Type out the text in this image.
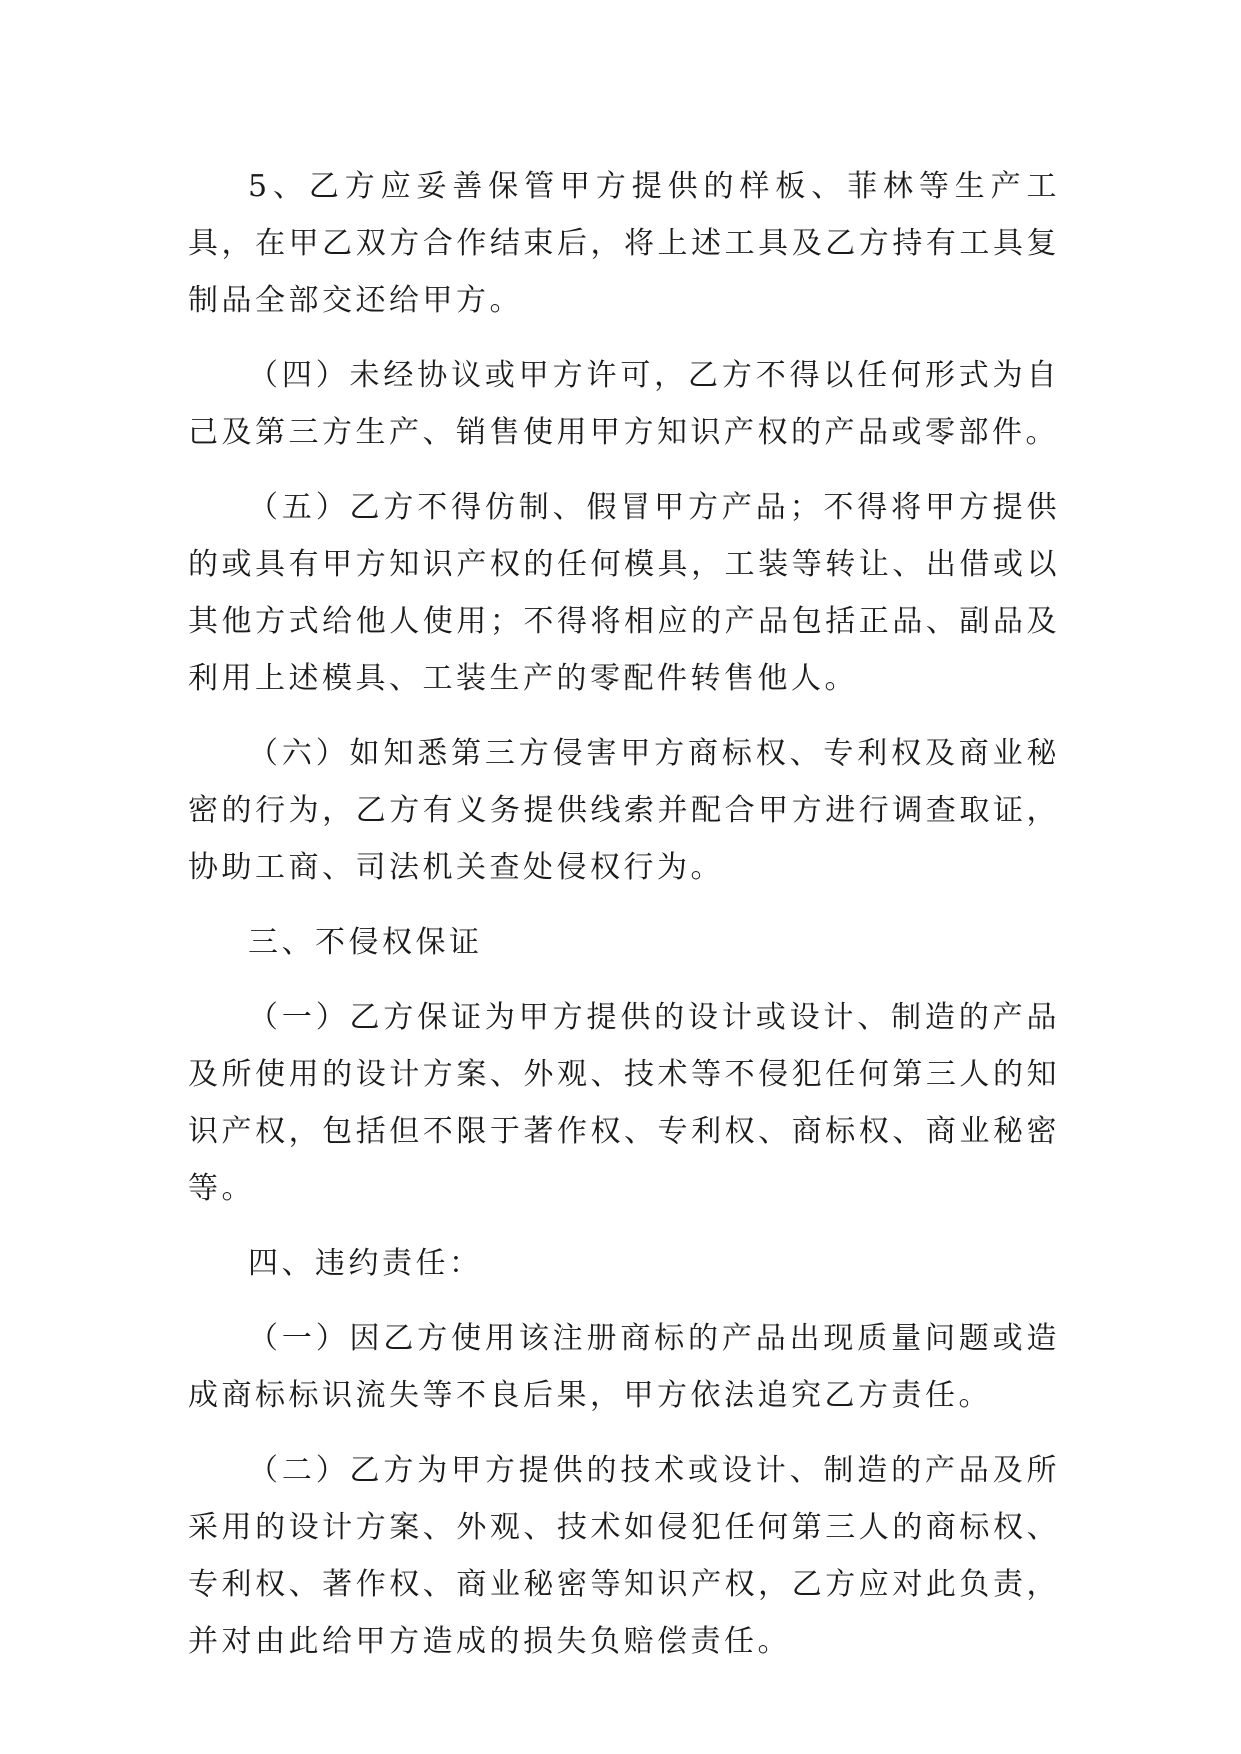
5、乙方应妥善保管甲方提供的样板、菲林等生产工具，在甲乙双方合作结束后，将上述工具及乙方持有工具复制品全部交还给甲方。

（四）未经协议或甲方许可，乙方不得以任何形式为自己及第三方生产、销售使用甲方知识产权的产品或零部件。

（五）乙方不得仿制、假冒甲方产品；不得将甲方提供的或具有甲方知识产权的任何模具，工装等转让、出借或以其他方式给他人使用；不得将相应的产品包括正品、副品及利用上述模具、工装生产的零配件转售他人。

（六）如知悉第三方侵害甲方商标权、专利权及商业秘密的行为，乙方有义务提供线索并配合甲方进行调查取证，协助工商、司法机关查处侵权行为。

三、不侵权保证

（一）乙方保证为甲方提供的设计或设计、制造的产品及所使用的设计方案、外观、技术等不侵犯任何第三人的知识产权，包括但不限于著作权、专利权、商标权、商业秘密等。

四、违约责任：

（一）因乙方使用该注册商标的产品出现质量问题或造成商标标识流失等不良后果，甲方依法追究乙方责任。

（二）乙方为甲方提供的技术或设计、制造的产品及所采用的设计方案、外观、技术如侵犯任何第三人的商标权、专利权、著作权、商业秘密等知识产权，乙方应对此负责，并对由此给甲方造成的损失负赔偿责任。
